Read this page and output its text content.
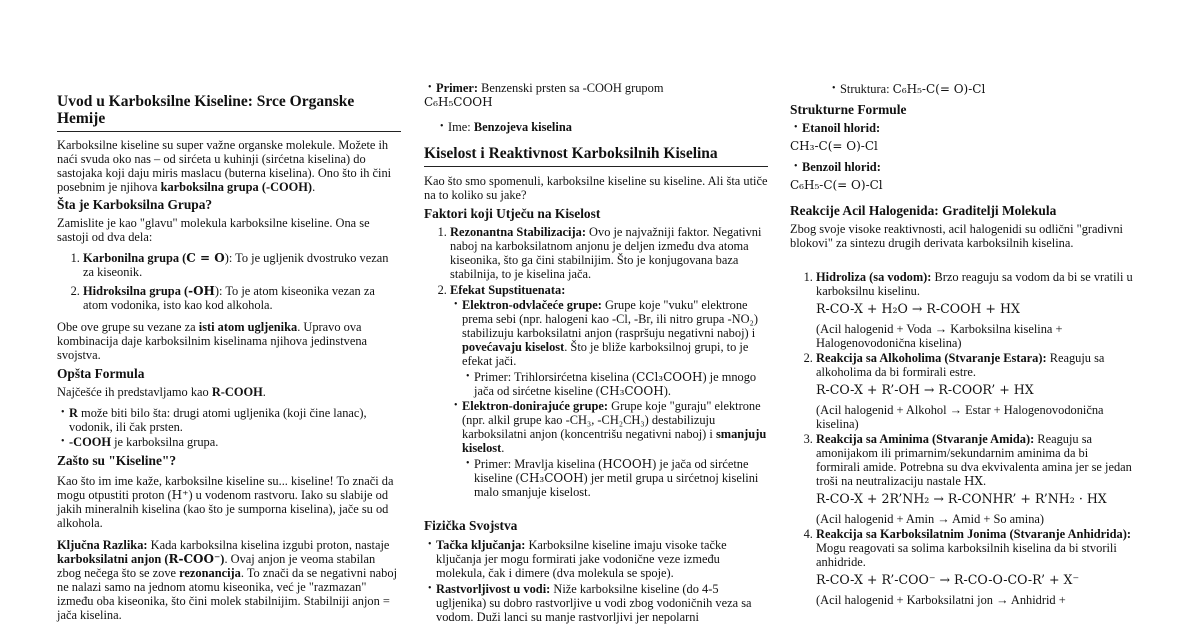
Uvod u Karboksilne Kiseline: Srce Organske Hemije

Karboksilne kiseline su super važne organske molekule. Možete ih naći svuda oko nas – od sirćeta u kuhinji (sirćetna kiselina) do sastojaka koji daju miris maslacu (buterna kiselina). Ono što ih čini posebnim je njihova karboksilna grupa (-COOH).

Šta je Karboksilna Grupa?

Zamislite je kao "glavu" molekula karboksilne kiseline. Ona se sastoji od dva dela:

1. Karbonilna grupa (C = O): To je ugljenik dvostruko vezan za kiseonik.
2. Hidroksilna grupa (-OH): To je atom kiseonika vezan za atom vodonika, isto kao kod alkohola.

Obe ove grupe su vezane za isti atom ugljenika. Upravo ova kombinacija daje karboksilnim kiselinama njihova jedinstvena svojstva.

Opšta Formula

Najčešće ih predstavljamo kao R-COOH.

• R može biti bilo šta: drugi atomi ugljenika (koji čine lanac), vodonik, ili čak prsten.
• -COOH je karboksilna grupa.
Zašto su "Kiseline"?

Kao što im ime kaže, karboksilne kiseline su... kiseline! To znači da mogu otpustiti proton (H⁺) u vodenom rastvoru. Iako su slabije od jakih mineralnih kiselina (kao što je sumporna kiselina), jače su od alkohola.

Ključna Razlika: Kada karboksilna kiselina izgubi proton, nastaje karboksilatni anjon (R-COO⁻). Ovaj anjon je veoma stabilan zbog nečega što se zove rezonancija. To znači da se negativni naboj ne nalazi samo na jednom atomu kiseonika, već je "razmazan" između oba kiseonika, što čini molek stabilnijim. Stabilniji anjon = jača kiselina.

• Primer: Benzenski prsten sa -COOH grupom
C₆H₅COOH
• Ime: Benzojeva kiselina
Kiselost i Reaktivnost Karboksilnih Kiselina

Kao što smo spomenuli, karboksilne kiseline su kiseline. Ali šta utiče na to koliko su jake?

Faktori koji Utječu na Kiselost
1. Rezonantna Stabilizacija: Ovo je najvažniji faktor. Negativni naboj na karboksilatnom anjonu je deljen između dva atoma kiseonika, što ga čini stabilnijim. Što je konjugovana baza stabilnija, to je kiselina jača.
2. Efekat Supstituenata:
• Elektron-odvlačeće grupe: Grupe koje "vuku" elektrone prema sebi (npr. halogeni kao -Cl, -Br, ili nitro grupa -NO₂) stabilizuju karboksilatni anjon (raspršuju negativni naboj) i povećavaju kiselost. Što je bliže karboksilnoj grupi, to je efekat jači.
• Primer: Trihlorsirćetna kiselina (CCl₃COOH) je mnogo jača od sirćetne kiseline (CH₃COOH).
• Elektron-donirajuće grupe: Grupe koje "guraju" elektrone (npr. alkil grupe kao -CH₃, -CH₂CH₃) destabilizuju karboksilatni anjon (koncentrišu negativni naboj) i smanjuju kiselost.
• Primer: Mravlja kiselina (HCOOH) je jača od sirćetne kiseline (CH₃COOH) jer metil grupa u sirćetnoj kiselini malo smanjuje kiselost.
Fizička Svojstva
• Tačka ključanja: Karboksilne kiseline imaju visoke tačke ključanja jer mogu formirati jake vodonične veze između molekula, čak i dimere (dva molekula se spoje).
• Rastvorljivost u vodi: Niže karboksilne kiseline (do 4-5 ugljenika) su dobro rastvorljive u vodi zbog vodoničnih veza sa vodom. Duži lanci su manje rastvorljivi jer nepolarni
• Struktura: C₆H₅-C(= O)-Cl
Strukturne Formule
• Etanoil hlorid:
CH₃-C(= O)-Cl
• Benzoil hlorid:
C₆H₅-C(= O)-Cl
Reakcije Acil Halogenida: Graditelji Molekula

Zbog svoje visoke reaktivnosti, acil halogenidi su odlični "gradivni blokovi" za sintezu drugih derivata karboksilnih kiselina.

1. Hidroliza (sa vodom): Brzo reaguju sa vodom da bi se vratili u karboksilnu kiselinu.
R-CO-X + H₂O → R-COOH + HX
(Acil halogenid + Voda → Karboksilna kiselina + Halogenovodonična kiselina)
2. Reakcija sa Alkoholima (Stvaranje Estara): Reaguju sa alkoholima da bi formirali estre.
R-CO-X + R’-OH → R-COOR’ + HX
(Acil halogenid + Alkohol → Estar + Halogenovodonična kiselina)
3. Reakcija sa Aminima (Stvaranje Amida): Reaguju sa amonijakom ili primarnim/sekundarnim aminima da bi formirali amide. Potrebna su dva ekvivalenta amina jer se jedan troši na neutralizaciju nastale HX.
R-CO-X + 2R’NH₂ → R-CONHR’ + R’NH₂ · HX
(Acil halogenid + Amin → Amid + So amina)
4. Reakcija sa Karboksilatnim Jonima (Stvaranje Anhidrida): Mogu reagovati sa solima karboksilnih kiselina da bi stvorili anhidride.
R-CO-X + R’-COO⁻ → R-CO-O-CO-R’ + X⁻
(Acil halogenid + Karboksilatni jon → Anhidrid +
